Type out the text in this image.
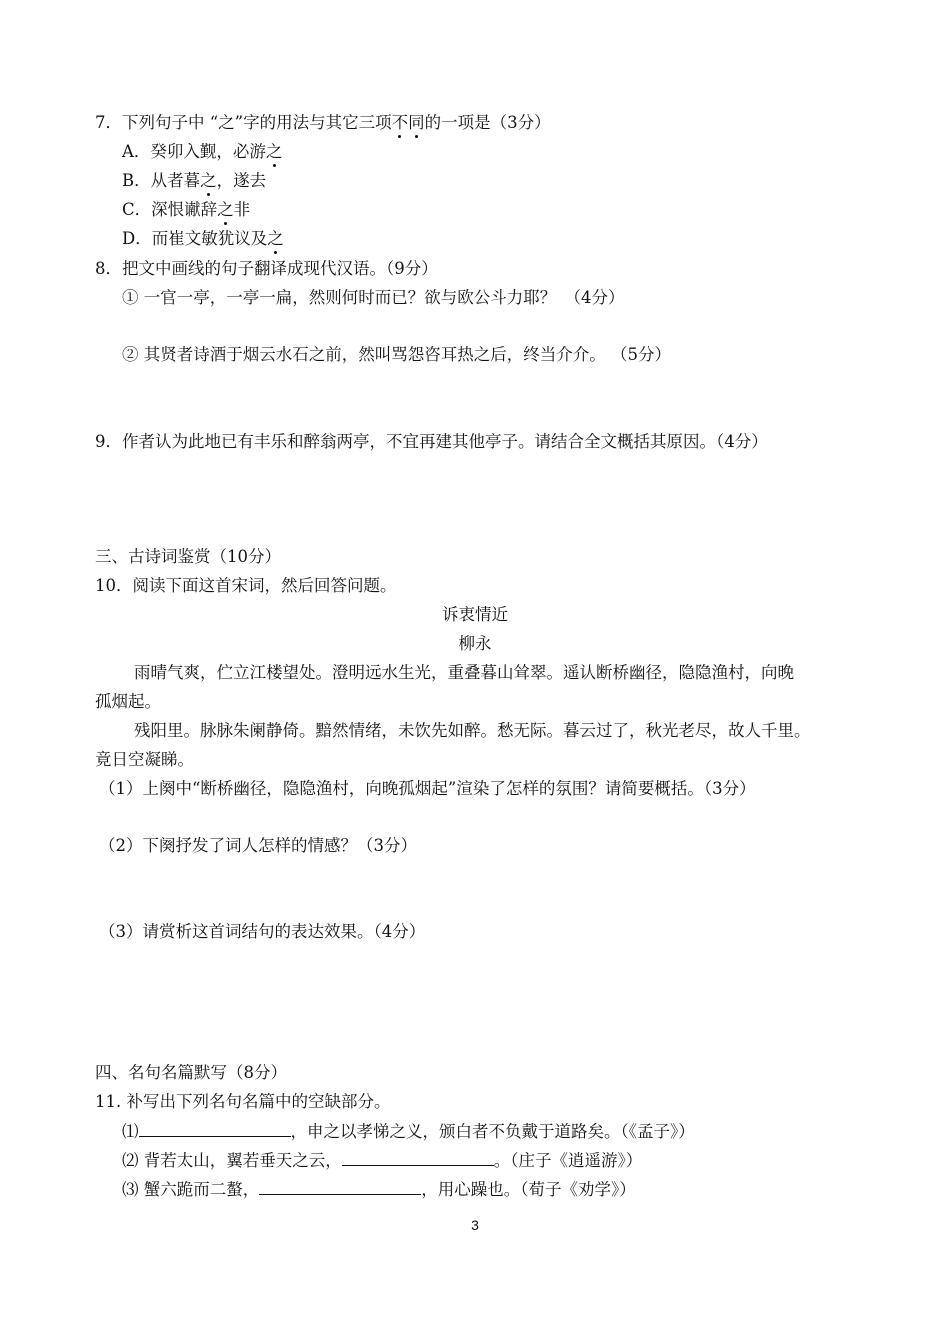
7．下列句子中 “之”字的用法与其它三项不同的一项是（3分）
A．癸卯入觐，必游之
B．从者暮之，遂去
C．深恨谳辞之非
D．而崔文敏犹议及之
8．把文中画线的句子翻译成现代汉语。（9分）
① 一官一亭，一亭一扁，然则何时而已？欲与欧公斗力耶？　（4分）
② 其贤者诗酒于烟云水石之前，然叫骂怨咨耳热之后，终当介介。 （5分）
9．作者认为此地已有丰乐和醉翁两亭，不宜再建其他亭子。请结合全文概括其原因。（4分）
三、古诗词鉴赏（10分）
10．阅读下面这首宋词，然后回答问题。
诉衷情近
柳永
雨晴气爽，伫立江楼望处。澄明远水生光，重叠暮山耸翠。遥认断桥幽径，隐隐渔村，向晚
孤烟起。
残阳里。脉脉朱阑静倚。黯然情绪，未饮先如醉。愁无际。暮云过了，秋光老尽，故人千里。
竟日空凝睇。
（1）上阕中“断桥幽径，隐隐渔村，向晚孤烟起”渲染了怎样的氛围？请简要概括。（3分）
（2）下阕抒发了词人怎样的情感？（3分）
（3）请赏析这首词结句的表达效果。（4分）
四、名句名篇默写（8分）
11. 补写出下列名句名篇中的空缺部分。
⑴	，申之以孝悌之义，颁白者不负戴于道路矣。（《孟子》）
⑵ 背若太山，翼若垂天之云，	。（庄子《逍遥游》）
⑶ 蟹六跪而二螯，	，用心躁也。（荀子《劝学》）
3
